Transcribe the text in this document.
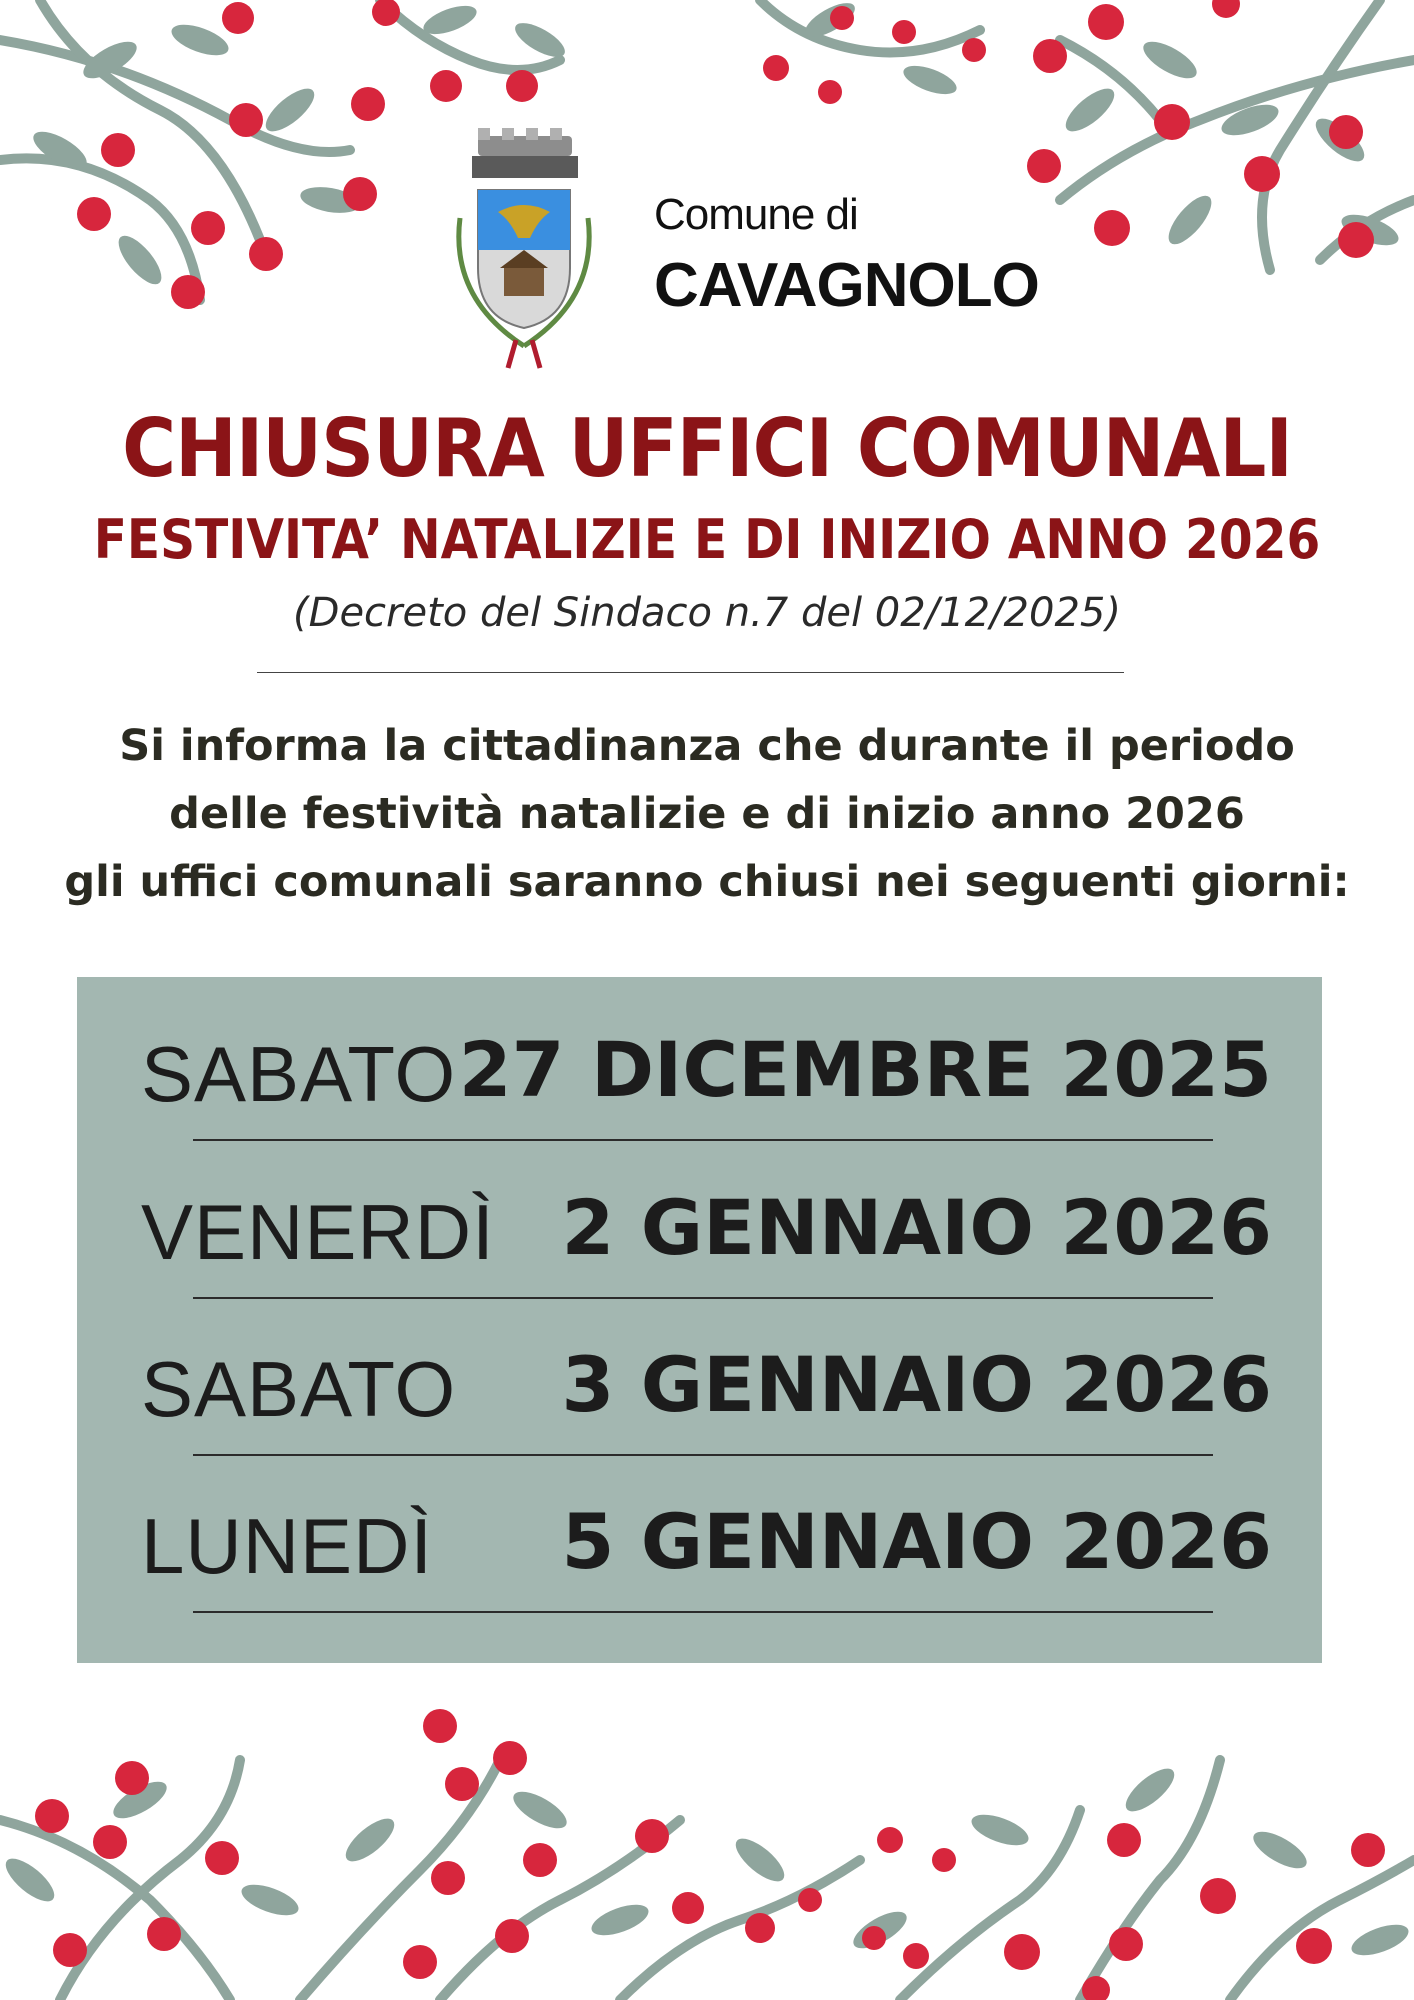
Comune di
CAVAGNOLO
CHIUSURA UFFICI COMUNALI
FESTIVITA’ NATALIZIE E DI INIZIO ANNO 2026
(Decreto del Sindaco n.7 del 02/12/2025)
Si informa la cittadinanza che durante il periodo
delle festività natalizie e di inizio anno 2026
gli uffici comunali saranno chiusi nei seguenti giorni:
SABATO 27 DICEMBRE 2025
VENERDÌ 2 GENNAIO 2026
SABATO 3 GENNAIO 2026
LUNEDÌ 5 GENNAIO 2026
